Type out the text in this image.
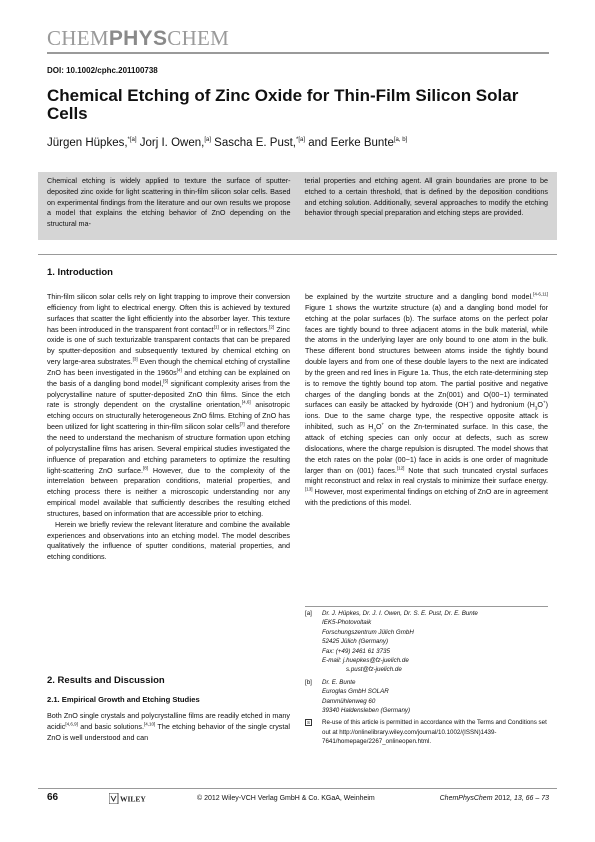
CHEMPHYSCHEM
DOI: 10.1002/cphc.201100738
Chemical Etching of Zinc Oxide for Thin-Film Silicon Solar Cells
Jürgen Hüpkes,$^{*[a]}$ Jorj I. Owen,[a] Sascha E. Pust,$^{*[a]}$ and Eerke Bunte[a, b]

Chemical etching is widely applied to texture the surface of sputter-deposited zinc oxide for light scattering in thin-film silicon solar cells. Based on experimental findings from the literature and our own results we propose a model that explains the etching behavior of ZnO depending on the structural ma-

terial properties and etching agent. All grain boundaries are prone to be etched to a certain threshold, that is defined by the deposition conditions and etching solution. Additionally, several approaches to modify the etching behavior through special preparation and etching steps are provided.

1. Introduction

Thin-film silicon solar cells rely on light trapping to improve their conversion efficiency from light to electrical energy. Often this is achieved by textured surfaces that scatter the light efficiently into the absorber layer. This texture has been introduced in the transparent front contact[1] or in reflectors.[2] Zinc oxide is one of such texturizable transparent contacts that can be prepared by sputter-deposition and subsequently textured by chemical etching on very large-area substrates.[3] Even though the chemical etching of crystalline ZnO has been investigated in the 1960s[4] and etching can be explained on the basis of a dangling bond model,[5] significant complexity arises from the polycrystalline nature of sputter-deposited ZnO thin films. Since the etch rate is strongly dependent on the crystalline orientation,[4,6] anisotropic etching occurs on structurally heterogeneous ZnO films. Etching of ZnO has been utilized for light scattering in thin-film silicon solar cells[7] and therefore the need to understand the mechanism of structure formation upon etching of polycrystalline films has arisen. Several empirical studies investigated the influence of preparation and etching parameters to optimize the resulting light-scattering ZnO surface.[8] However, due to the complexity of the interrelation between preparation conditions, material properties, and etching process there is neither a microscopic understanding nor any empirical model available that sufficiently describes the resulting etched structures, based on information that are accessible prior to etching.

Herein we briefly review the relevant literature and combine the available experiences and observations into an etching model. The model describes qualitatively the influence of sputter conditions, material properties, and etching conditions.

2. Results and Discussion
2.1. Empirical Growth and Etching Studies

Both ZnO single crystals and polycrystalline films are readily etched in many acidic[4,6,9] and basic solutions.[4,10] The etching behavior of the single crystal ZnO is well understood and can

be explained by the wurtzite structure and a dangling bond model.[4-6,11] Figure 1 shows the wurtzite structure (a) and a dangling bond model for etching at the polar surfaces (b). The surface atoms on the perfect polar faces are tightly bound to three adjacent atoms in the bulk material, while the atoms in the underlying layer are only bound to one atom in the bulk. These different bond structures between atoms inside the tightly bound double layers and from one of these double layers to the next are indicated by the green and red lines in Figure 1a. Thus, the etch rate-determining step is to remove the tightly bound top atom. The partial positive and negative charges of the dangling bonds at the Zn(001) and O(00−1) terminated surfaces can easily be attacked by hydroxide (OH−) and hydronium $(H_3O^+)$ ions. Due to the same charge type, the respective opposite attack is inhibited, such as $H_3O^+$ on the Zn-terminated surface. In this case, the attack of etching species can only occur at defects, such as screw dislocations, where the charge repulsion is disrupted. The model shows that the etch rates on the polar (00−1) face in acids is one order of magnitude larger than on (001) faces.[12] Note that such truncated crystal surfaces might reconstruct and relax in real crystals to minimize their surface energy.[13] However, most experimental findings on etching of ZnO are in agreement with the predictions of this model.

[a]	Dr. J. Hüpkes, Dr. J. I. Owen, Dr. S. E. Pust, Dr. E. Bunte
IEK5-Photovoltaik
Forschungszentrum Jülich GmbH
52425 Jülich (Germany)
Fax: (+49) 2461 61 3735
E-mail: j.huepkes@fz-juelich.de
s.pust@fz-juelich.de
[b]	Dr. E. Bunte
Euroglas GmbH SOLAR
Dammühlenweg 60
39340 Haldensleben (Germany)
S	Re-use of this article is permitted in accordance with the Terms and Conditions set out at http://onlinelibrary.wiley.com/journal/10.1002/(ISSN)1439-7641/homepage/2267_onlineopen.html.
66	WILEY	© 2012 Wiley-VCH Verlag GmbH & Co. KGaA, Weinheim	ChemPhysChem 2012, 13, 66 – 73
